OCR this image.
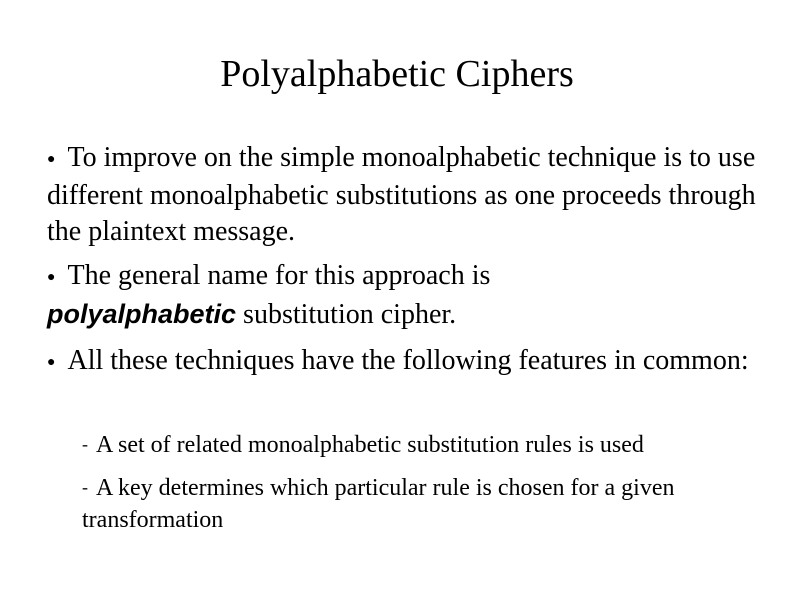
Polyalphabetic Ciphers

● To improve on the simple monoalphabetic technique is to use different monoalphabetic substitutions as one proceeds through the plaintext message.

● The general name for this approach is
polyalphabetic substitution cipher.

● All these techniques have the following features in common:

- A set of related monoalphabetic substitution rules is used

- A key determines which particular rule is chosen for a given transformation
